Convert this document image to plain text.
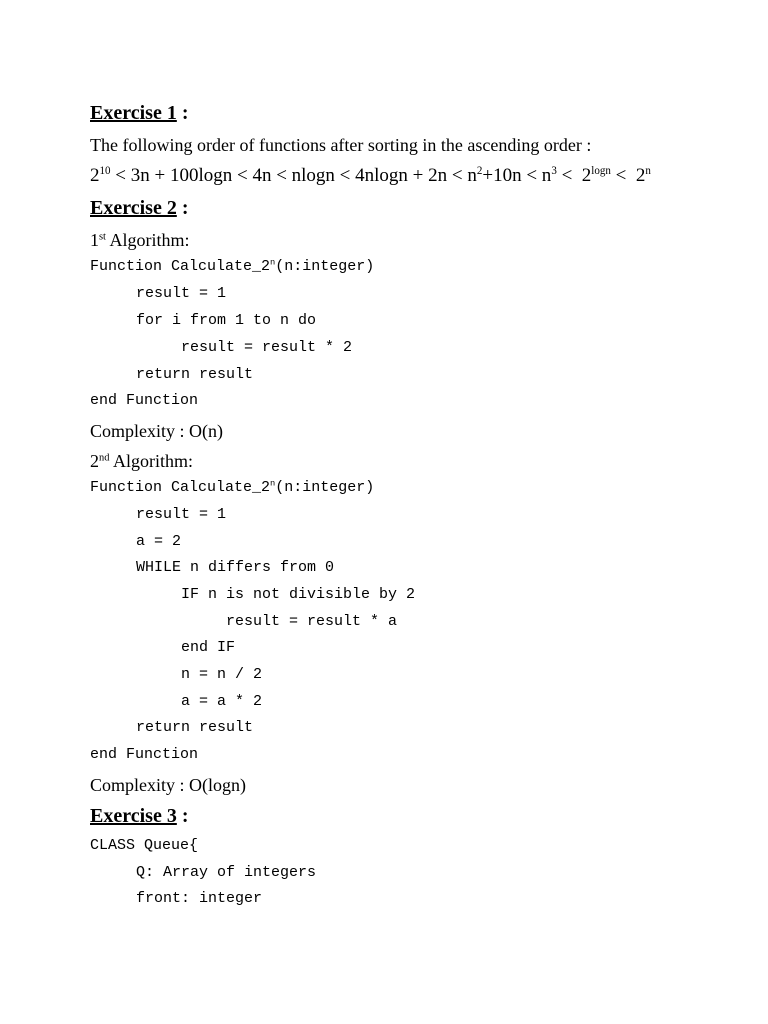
Exercise 1 :
The following order of functions after sorting in the ascending order :
$2^{10} < 3n + 100\log n < 4n < nlogn < 4nlogn + 2n < n^2+10n < n^3 < 2^{logn} < 2^n$
Exercise 2 :
1st Algorithm:
Function Calculate_2$^n$(n:integer)
result = 1
for i from 1 to n do
result = result * 2
return result
end Function
Complexity : O(n)
2nd Algorithm:
Function Calculate_2$^n$(n:integer)
result = 1
a = 2
WHILE n differs from 0
IF n is not divisible by 2
result = result * a
end IF
n = n / 2
a = a * 2
return result
end Function
Complexity : O(logn)
Exercise 3 :
CLASS Queue{
Q: Array of integers
front: integer
